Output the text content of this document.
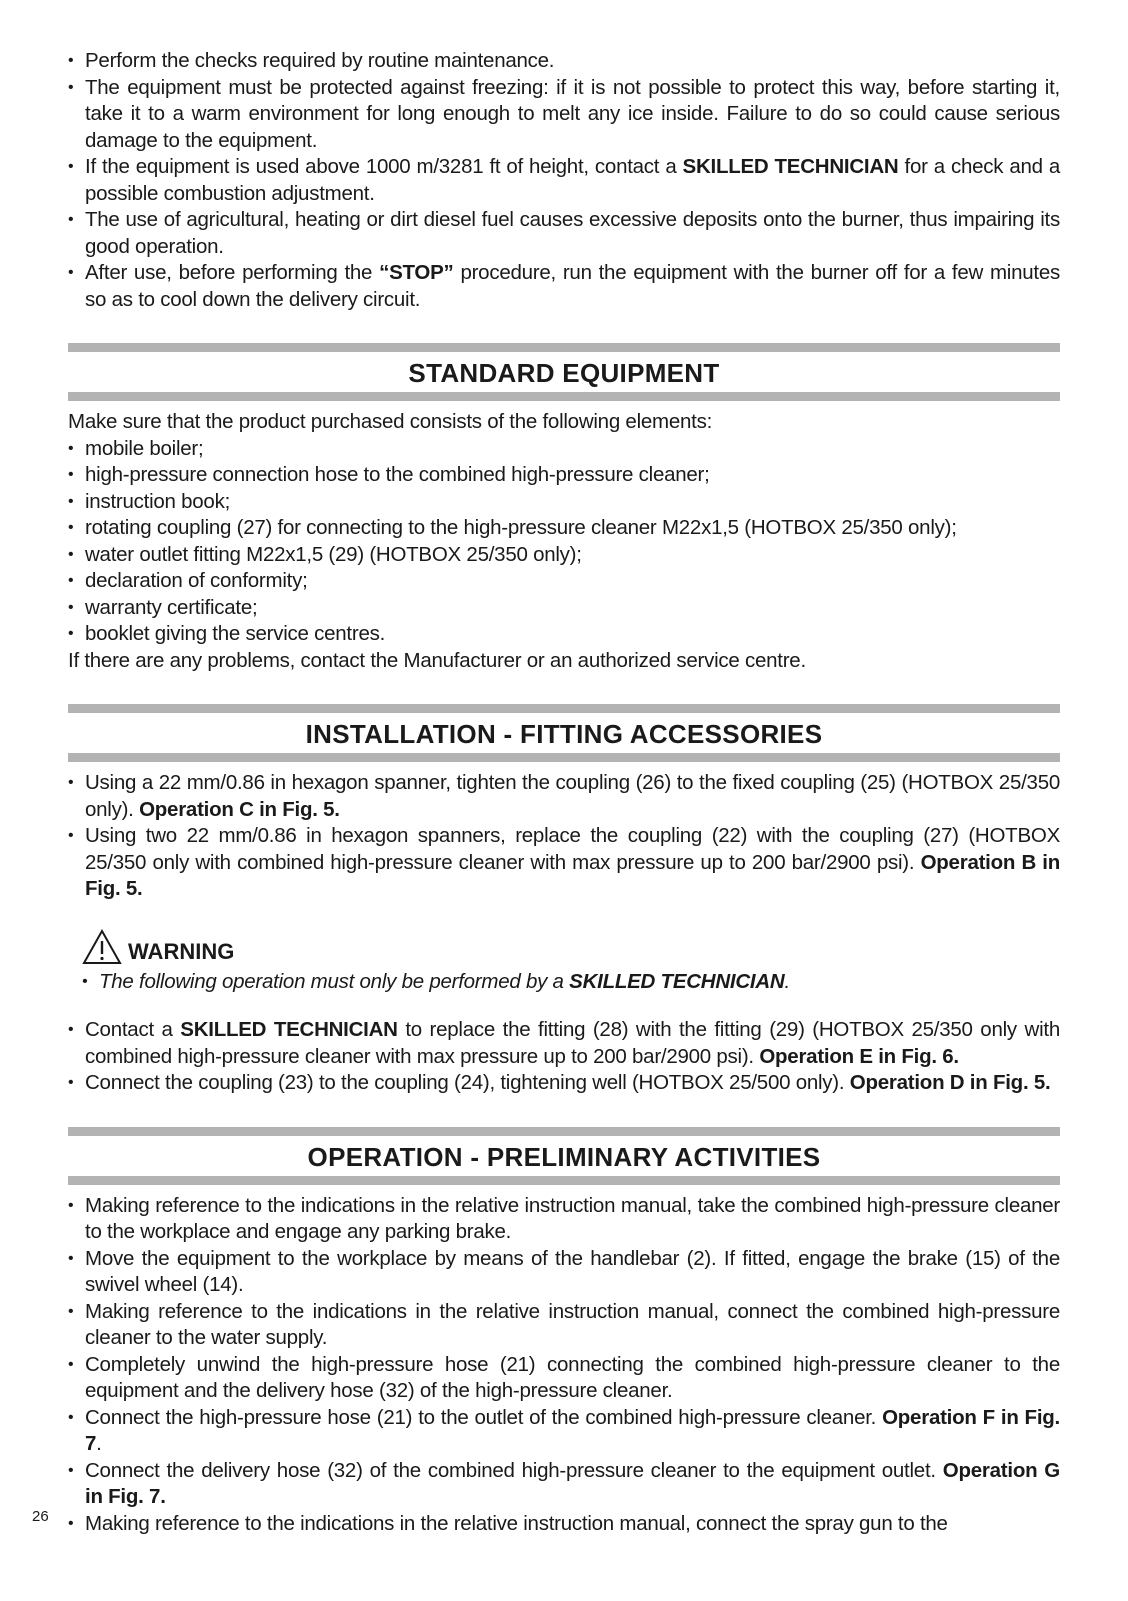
• Perform the checks required by routine maintenance.
• The equipment must be protected against freezing: if it is not possible to protect this way, before starting it, take it to a warm environment for long enough to melt any ice inside. Failure to do so could cause serious damage to the equipment.
• If the equipment is used above 1000 m/3281 ft of height, contact a SKILLED TECHNICIAN for a check and a possible combustion adjustment.
• The use of agricultural, heating or dirt diesel fuel causes excessive deposits onto the burner, thus impairing its good operation.
• After use, before performing the “STOP” procedure, run the equipment with the burner off for a few minutes so as to cool down the delivery circuit.
STANDARD EQUIPMENT

Make sure that the product purchased consists of the following elements:

• mobile boiler;
• high-pressure connection hose to the combined high-pressure cleaner;
• instruction book;
• rotating coupling (27) for connecting to the high-pressure cleaner M22x1,5 (HOTBOX 25/350 only);
• water outlet fitting M22x1,5 (29) (HOTBOX 25/350 only);
• declaration of conformity;
• warranty certificate;
• booklet giving the service centres.

If there are any problems, contact the Manufacturer or an authorized service centre.

INSTALLATION - FITTING ACCESSORIES
• Using a 22 mm/0.86 in hexagon spanner, tighten the coupling (26) to the fixed coupling (25) (HOTBOX 25/350 only). Operation C in Fig. 5.
• Using two 22 mm/0.86 in hexagon spanners, replace the coupling (22) with the coupling (27) (HOTBOX 25/350 only with combined high-pressure cleaner with max pressure up to 200 bar/2900 psi). Operation B in Fig. 5.
WARNING
• The following operation must only be performed by a SKILLED TECHNICIAN.
• Contact a SKILLED TECHNICIAN to replace the fitting (28) with the fitting (29) (HOTBOX 25/350 only with combined high-pressure cleaner with max pressure up to 200 bar/2900 psi). Operation E in Fig. 6.
• Connect the coupling (23) to the coupling (24), tightening well (HOTBOX 25/500 only). Operation D in Fig. 5.
OPERATION - PRELIMINARY ACTIVITIES
• Making reference to the indications in the relative instruction manual, take the combined high-pressure cleaner to the workplace and engage any parking brake.
• Move the equipment to the workplace by means of the handlebar (2). If fitted, engage the brake (15) of the swivel wheel (14).
• Making reference to the indications in the relative instruction manual, connect the combined high-pressure cleaner to the water supply.
• Completely unwind the high-pressure hose (21) connecting the combined high-pressure cleaner to the equipment and the delivery hose (32) of the high-pressure cleaner.
• Connect the high-pressure hose (21) to the outlet of the combined high-pressure cleaner. Operation F in Fig. 7.
• Connect the delivery hose (32) of the combined high-pressure cleaner to the equipment outlet. Operation G in Fig. 7.
• Making reference to the indications in the relative instruction manual, connect the spray gun to the
26
